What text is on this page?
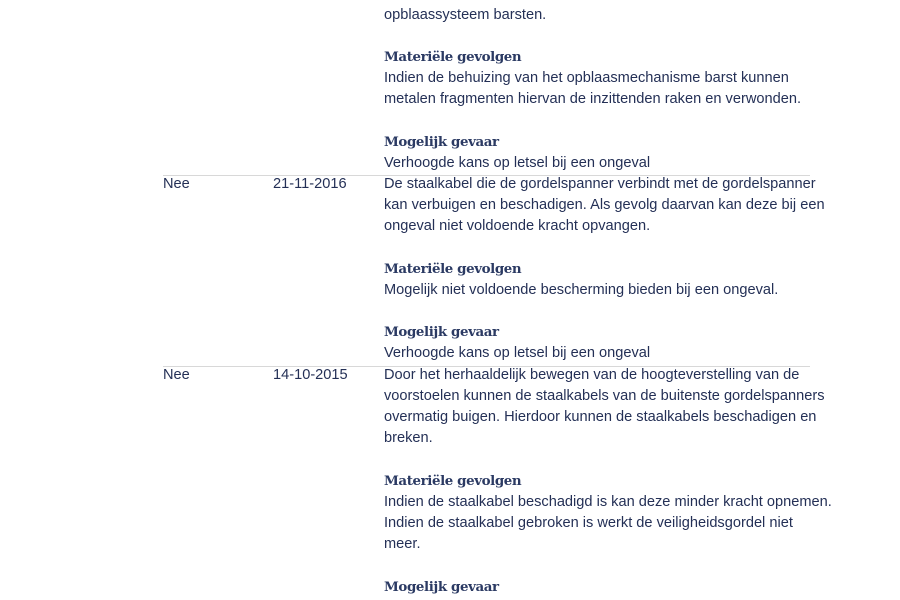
opblaassysteem barsten.
Materiële gevolgen
Indien de behuizing van het opblaasmechanisme barst kunnen
metalen fragmenten hiervan de inzittenden raken en verwonden.
Mogelijk gevaar
Verhoogde kans op letsel bij een ongeval
Nee	21-11-2016	De staalkabel die de gordelspanner verbindt met de gordelspanner
kan verbuigen en beschadigen. Als gevolg daarvan kan deze bij een
ongeval niet voldoende kracht opvangen.
Materiële gevolgen
Mogelijk niet voldoende bescherming bieden bij een ongeval.
Mogelijk gevaar
Verhoogde kans op letsel bij een ongeval
Nee	14-10-2015 Door het herhaaldelijk bewegen van de hoogteverstelling van de
voorstoelen kunnen de staalkabels van de buitenste gordelspanners
overmatig buigen. Hierdoor kunnen de staalkabels beschadigen en
breken.
Materiële gevolgen
Indien de staalkabel beschadigd is kan deze minder kracht opnemen.
Indien de staalkabel gebroken is werkt de veiligheidsgordel niet
meer.
Mogelijk gevaar
